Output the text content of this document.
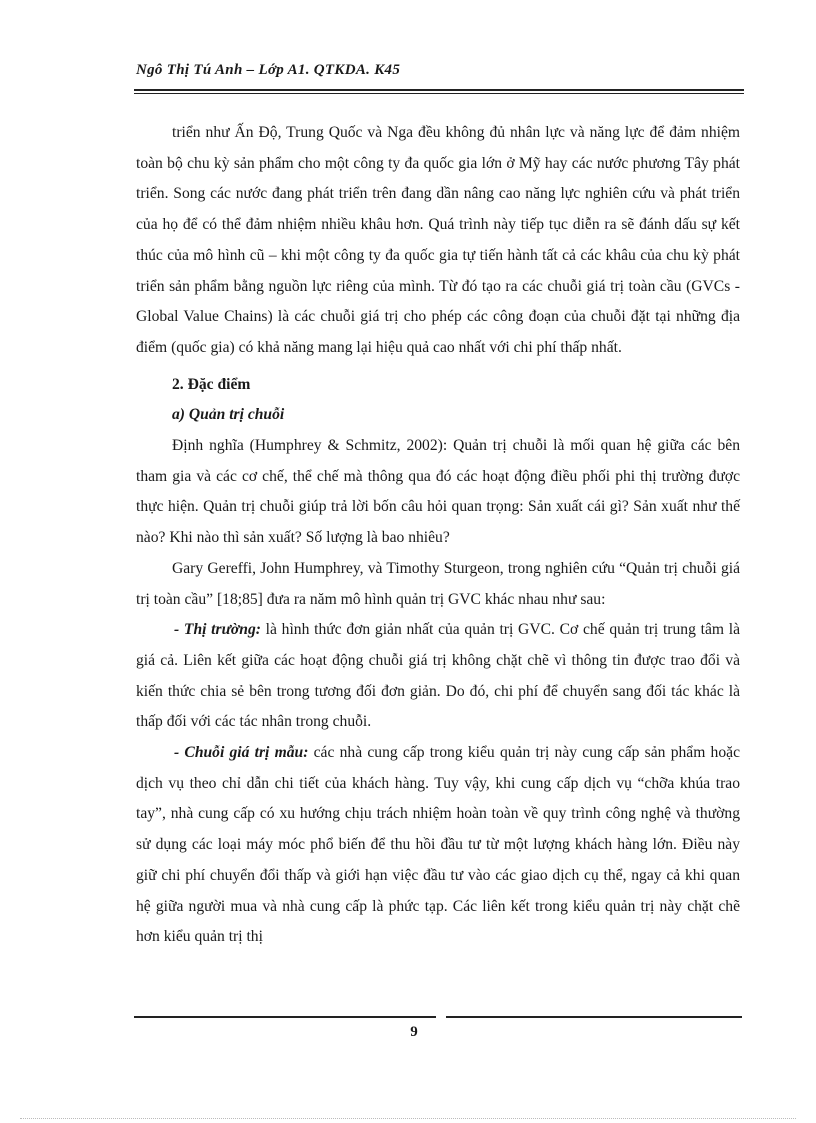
Ngô Thị Tú Anh – Lớp A1. QTKDA. K45

triển như Ấn Độ, Trung Quốc và Nga đều không đủ nhân lực và năng lực để đảm nhiệm toàn bộ chu kỳ sản phẩm cho một công ty đa quốc gia lớn ở Mỹ hay các nước phương Tây phát triển. Song các nước đang phát triển trên đang dần nâng cao năng lực nghiên cứu và phát triển của họ để có thể đảm nhiệm nhiều khâu hơn. Quá trình này tiếp tục diễn ra sẽ đánh dấu sự kết thúc của mô hình cũ – khi một công ty đa quốc gia tự tiến hành tất cả các khâu của chu kỳ phát triển sản phẩm bằng nguồn lực riêng của mình. Từ đó tạo ra các chuỗi giá trị toàn cầu (GVCs - Global Value Chains) là các chuỗi giá trị cho phép các công đoạn của chuỗi đặt tại những địa điểm (quốc gia) có khả năng mang lại hiệu quả cao nhất với chi phí thấp nhất.

2. Đặc điểm

a) Quản trị chuỗi

Định nghĩa (Humphrey & Schmitz, 2002): Quản trị chuỗi là mối quan hệ giữa các bên tham gia và các cơ chế, thể chế mà thông qua đó các hoạt động điều phối phi thị trường được thực hiện. Quản trị chuỗi giúp trả lời bốn câu hỏi quan trọng: Sản xuất cái gì? Sản xuất như thế nào? Khi nào thì sản xuất? Số lượng là bao nhiêu?

Gary Gereffi, John Humphrey, và Timothy Sturgeon, trong nghiên cứu “Quản trị chuỗi giá trị toàn cầu” [18;85] đưa ra năm mô hình quản trị GVC khác nhau như sau:

- Thị trường: là hình thức đơn giản nhất của quản trị GVC. Cơ chế quản trị trung tâm là giá cả. Liên kết giữa các hoạt động chuỗi giá trị không chặt chẽ vì thông tin được trao đổi và kiến thức chia sẻ bên trong tương đối đơn giản. Do đó, chi phí để chuyển sang đối tác khác là thấp đối với các tác nhân trong chuỗi.

- Chuỗi giá trị mẫu: các nhà cung cấp trong kiểu quản trị này cung cấp sản phẩm hoặc dịch vụ theo chỉ dẫn chi tiết của khách hàng. Tuy vậy, khi cung cấp dịch vụ “chỡa khúa trao tay”, nhà cung cấp có xu hướng chịu trách nhiệm hoàn toàn về quy trình công nghệ và thường sử dụng các loại máy móc phổ biến để thu hồi đầu tư từ một lượng khách hàng lớn. Điều này giữ chi phí chuyển đổi thấp và giới hạn việc đầu tư vào các giao dịch cụ thể, ngay cả khi quan hệ giữa người mua và nhà cung cấp là phức tạp. Các liên kết trong kiểu quản trị này chặt chẽ hơn kiểu quản trị thị

9
